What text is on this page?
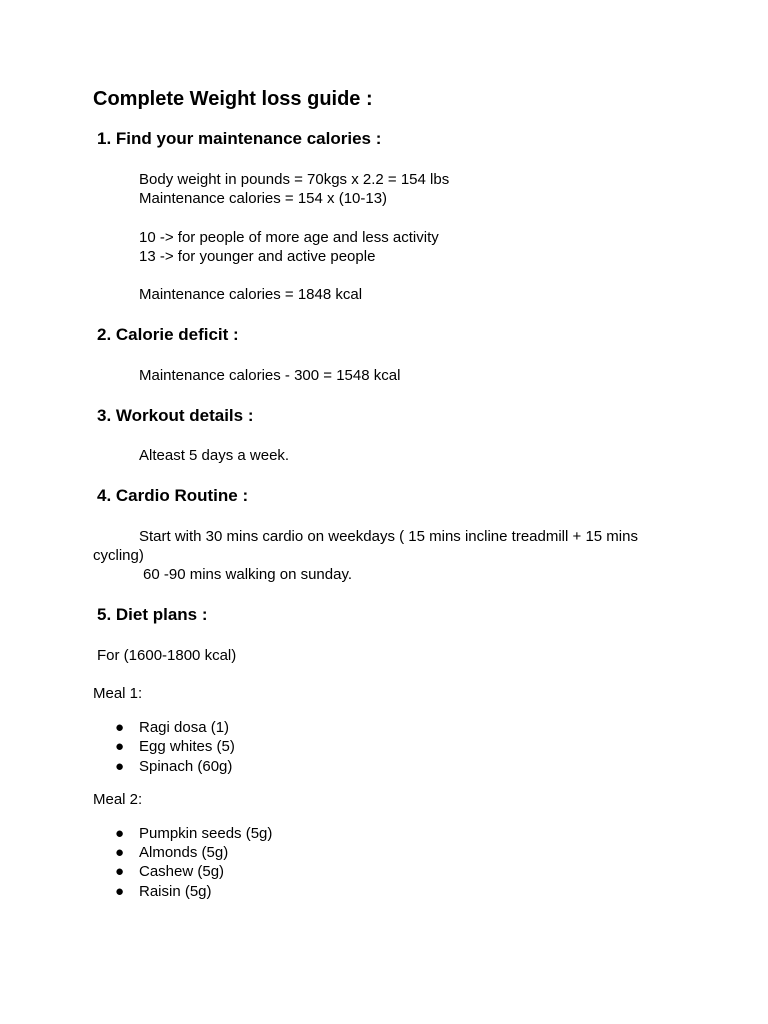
Complete Weight loss guide :
1. Find your maintenance calories :
Body weight in pounds = 70kgs x 2.2 = 154 lbs
Maintenance calories = 154 x (10-13)
10 -> for people of more age and less activity
13 -> for younger and active people
Maintenance calories = 1848 kcal
2. Calorie deficit :
Maintenance calories - 300 = 1548 kcal
3. Workout details :
Alteast 5 days a week.
4. Cardio Routine :
Start with 30 mins cardio on weekdays ( 15 mins incline treadmill + 15 mins
cycling)
60 -90 mins walking on sunday.
5. Diet plans :
For (1600-1800 kcal)
Meal 1:
● Ragi dosa (1)
● Egg whites (5)
● Spinach (60g)
Meal 2:
● Pumpkin seeds (5g)
● Almonds (5g)
● Cashew (5g)
● Raisin (5g)
